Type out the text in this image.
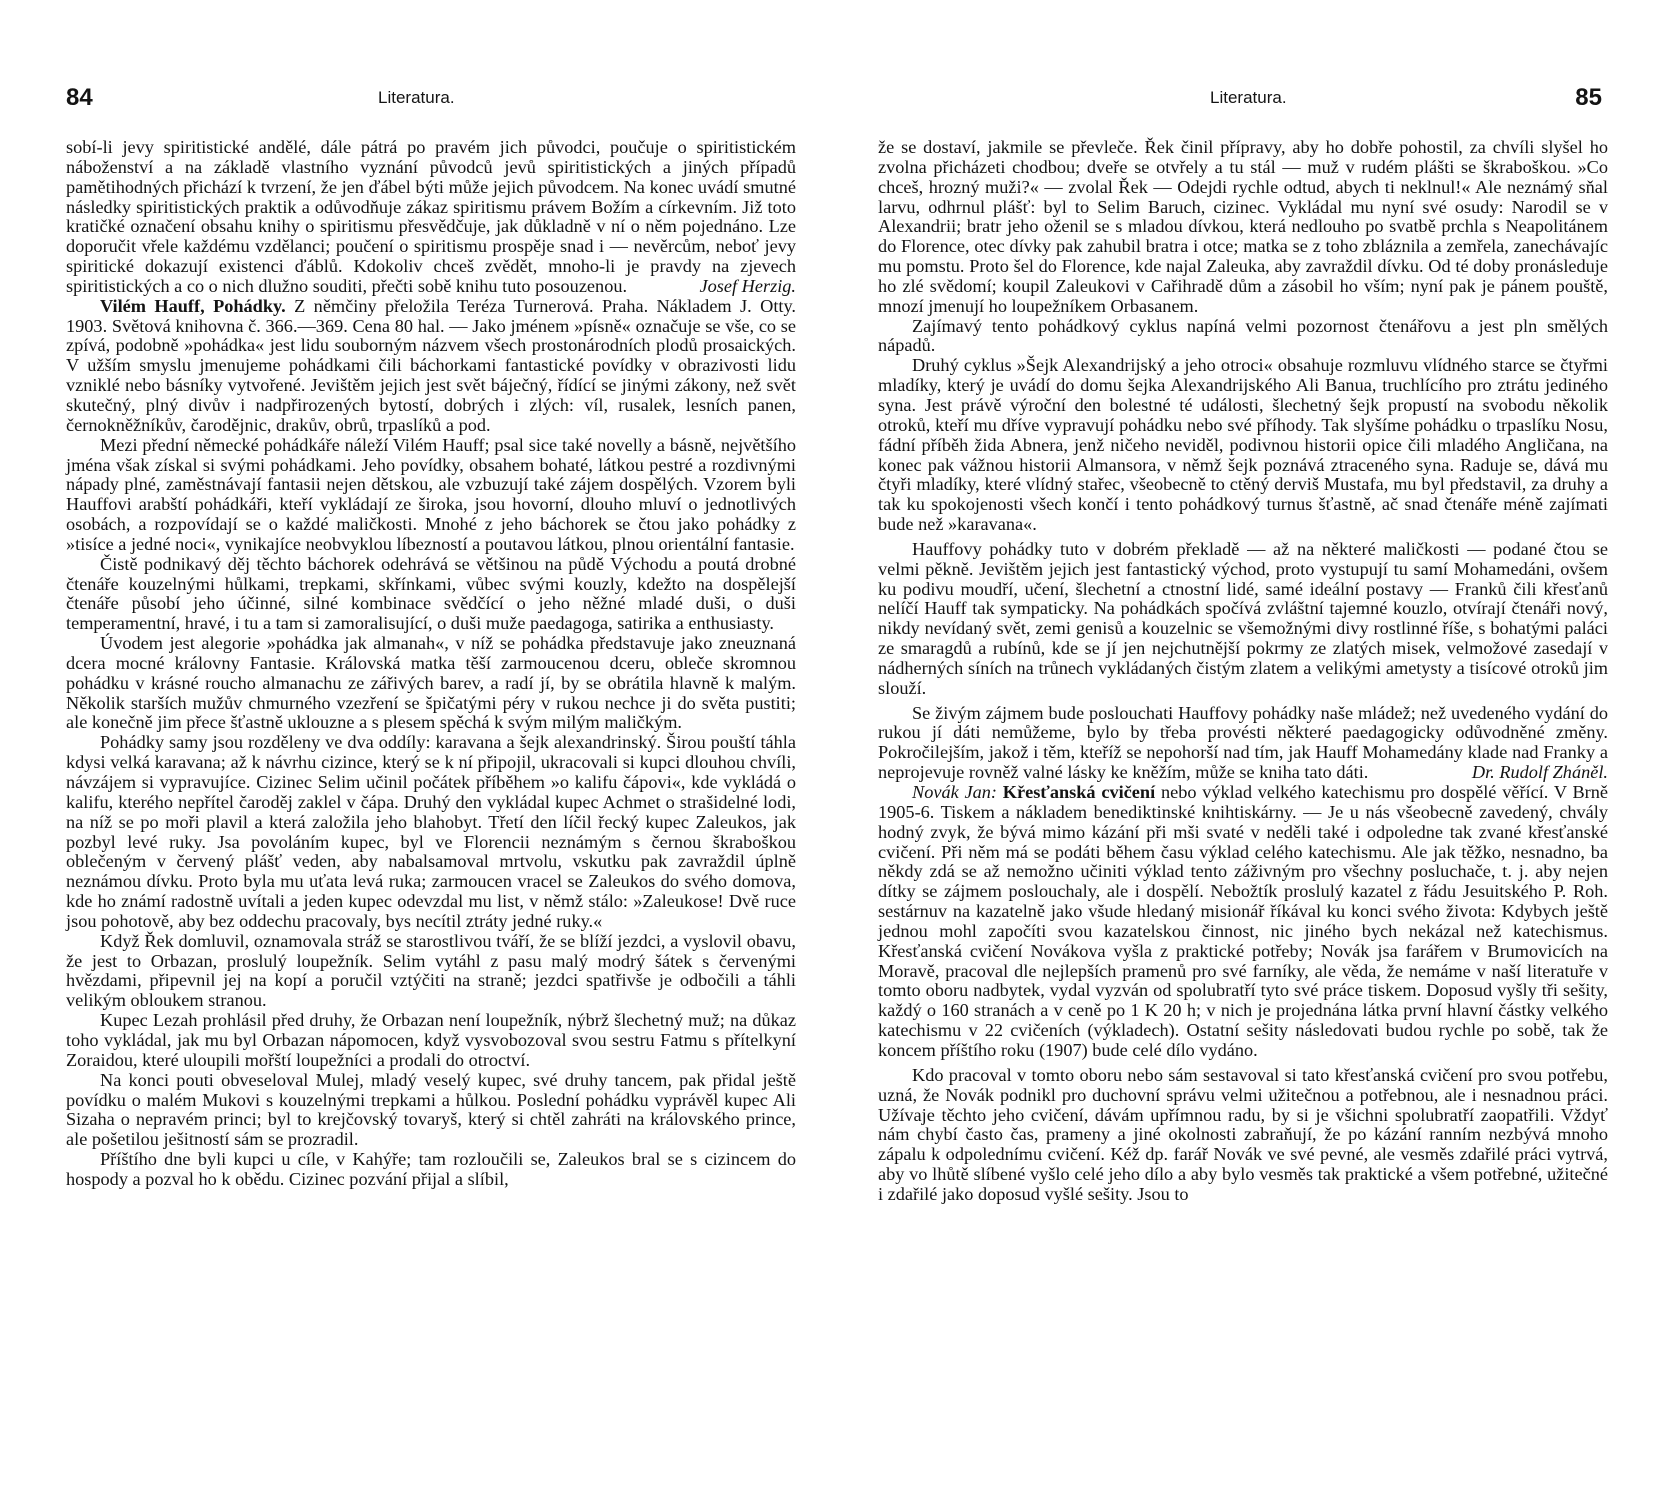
84	Literatura.

sobí-li jevy spiritistické andělé, dále pátrá po pravém jich původci, poučuje o spiritistickém náboženství a na základě vlastního vyznání původců jevů spiritistických a jiných případů pamětihodných přichází k tvrzení, že jen ďábel býti může jejich původcem. Na konec uvádí smutné následky spiritistických praktik a odůvodňuje zákaz spiritismu právem Božím a církevním. Již toto kratičké označení obsahu knihy o spiritismu přesvědčuje, jak důkladně v ní o něm pojednáno. Lze doporučit vřele každému vzdělanci; poučení o spiritismu prospěje snad i — nevěrcům, neboť jevy spiritické dokazují existenci ďáblů. Kdokoliv chceš zvědět, mnoho-li je pravdy na zjevech spiritistických a co o nich dlužno souditi, přečti sobě knihu tuto posouzenou.	Josef Herzig.

Vilém Hauff, Pohádky. Z němčiny přeložila Teréza Turnerová. Praha. Nákladem J. Otty. 1903. Světová knihovna č. 366.—369. Cena 80 hal. — Jako jménem »písně« označuje se vše, co se zpívá, podobně »pohádka« jest lidu souborným názvem všech prostonárodních plodů prosaických. V užším smyslu jmenujeme pohádkami čili báchorkami fantastické povídky v obrazivosti lidu vzniklé nebo básníky vytvořené. Jevištěm jejich jest svět báječný, řídící se jinými zákony, než svět skutečný, plný divův i nadpřirozených bytostí, dobrých i zlých: víl, rusalek, lesních panen, černokněžníkův, čarodějnic, drakův, obrů, trpaslíků a pod.

Mezi přední německé pohádkáře náleží Vilém Hauff; psal sice také novelly a básně, největšího jména však získal si svými pohádkami. Jeho povídky, obsahem bohaté, látkou pestré a rozdivnými nápady plné, zaměstnávají fantasii nejen dětskou, ale vzbuzují také zájem dospělých. Vzorem byli Hauffovi arabští pohádkáři, kteří vykládají ze široka, jsou hovorní, dlouho mluví o jednotlivých osobách, a rozpovídají se o každé maličkosti. Mnohé z jeho báchorek se čtou jako pohádky z »tisíce a jedné noci«, vynikajíce neobvyklou líbezností a poutavou látkou, plnou orientální fantasie.

Čistě podnikavý děj těchto báchorek odehrává se většinou na půdě Východu a poutá drobné čtenáře kouzelnými hůlkami, trepkami, skřínkami, vůbec svými kouzly, kdežto na dospělejší čtenáře působí jeho účinné, silné kombinace svědčící o jeho něžné mladé duši, o duši temperamentní, hravé, i tu a tam si zamoralisující, o duši muže paedagoga, satirika a enthusiasty.

Úvodem jest alegorie »pohádka jak almanah«, v níž se pohádka představuje jako zneuznaná dcera mocné královny Fantasie. Královská matka těší zarmoucenou dceru, obleče skromnou pohádku v krásné roucho almanachu ze zářivých barev, a radí jí, by se obrátila hlavně k malým. Několik starších mužův chmurného vzezření se špičatými péry v rukou nechce ji do světa pustiti; ale konečně jim přece šťastně uklouzne a s plesem spěchá k svým milým maličkým.

Pohádky samy jsou rozděleny ve dva oddíly: karavana a šejk alexandrinský. Širou pouští táhla kdysi velká karavana; až k návrhu cizince, který se k ní připojil, ukracovali si kupci dlouhou chvíli, návzájem si vypravujíce. Cizinec Selim učinil počátek příběhem »o kalifu čápovi«, kde vykládá o kalifu, kterého nepřítel čaroděj zaklel v čápa. Druhý den vykládal kupec Achmet o strašidelné lodi, na níž se po moři plavil a která založila jeho blahobyt. Třetí den líčil řecký kupec Zaleukos, jak pozbyl levé ruky. Jsa povoláním kupec, byl ve Florencii neznámým s černou škraboškou oblečeným v červený plášť veden, aby nabalsamoval mrtvolu, vskutku pak zavraždil úplně neznámou dívku. Proto byla mu uťata levá ruka; zarmoucen vracel se Zaleukos do svého domova, kde ho známí radostně uvítali a jeden kupec odevzdal mu list, v němž stálo: »Zaleukose! Dvě ruce jsou pohotově, aby bez oddechu pracovaly, bys necítil ztráty jedné ruky.«

Když Řek domluvil, oznamovala stráž se starostlivou tváří, že se blíží jezdci, a vyslovil obavu, že jest to Orbazan, proslulý loupežník. Selim vytáhl z pasu malý modrý šátek s červenými hvězdami, připevnil jej na kopí a poručil vztýčiti na straně; jezdci spatřivše je odbočili a táhli velikým obloukem stranou.

Kupec Lezah prohlásil před druhy, že Orbazan není loupežník, nýbrž šlechetný muž; na důkaz toho vykládal, jak mu byl Orbazan nápomocen, když vysvobozoval svou sestru Fatmu s přítelkyní Zoraidou, které uloupili mořští loupežníci a prodali do otroctví.

Na konci pouti obveseloval Mulej, mladý veselý kupec, své druhy tancem, pak přidal ještě povídku o malém Mukovi s kouzelnými trepkami a hůlkou. Poslední pohádku vyprávěl kupec Ali Sizaha o nepravém princi; byl to krejčovský tovaryš, který si chtěl zahráti na královského prince, ale pošetilou ješitností sám se prozradil.

Příštího dne byli kupci u cíle, v Kahýře; tam rozloučili se, Zaleukos bral se s cizincem do hospody a pozval ho k obědu. Cizinec pozvání přijal a slíbil,

Literatura.	85

že se dostaví, jakmile se převleče. Řek činil přípravy, aby ho dobře pohostil, za chvíli slyšel ho zvolna přicházeti chodbou; dveře se otvřely a tu stál — muž v rudém plášti se škraboškou. »Co chceš, hrozný muži?« — zvolal Řek — Odejdi rychle odtud, abych ti neklnul!« Ale neznámý sňal larvu, odhrnul plášť: byl to Selim Baruch, cizinec. Vykládal mu nyní své osudy: Narodil se v Alexandrii; bratr jeho oženil se s mladou dívkou, která nedlouho po svatbě prchla s Neapolitánem do Florence, otec dívky pak zahubil bratra i otce; matka se z toho zbláznila a zemřela, zanechávajíc mu pomstu. Proto šel do Florence, kde najal Zaleuka, aby zavraždil dívku. Od té doby pronásleduje ho zlé svědomí; koupil Zaleukovi v Cařihradě dům a zásobil ho vším; nyní pak je pánem pouště, mnozí jmenují ho loupežníkem Orbasanem.

Zajímavý tento pohádkový cyklus napíná velmi pozornost čtenářovu a jest pln smělých nápadů.

Druhý cyklus »Šejk Alexandrijský a jeho otroci« obsahuje rozmluvu vlídného starce se čtyřmi mladíky, který je uvádí do domu šejka Alexandrijského Ali Banua, truchlícího pro ztrátu jediného syna. Jest právě výroční den bolestné té události, šlechetný šejk propustí na svobodu několik otroků, kteří mu dříve vypravují pohádku nebo své příhody. Tak slyšíme pohádku o trpaslíku Nosu, fádní příběh žida Abnera, jenž ničeho neviděl, podivnou historii opice čili mladého Angličana, na konec pak vážnou historii Almansora, v němž šejk poznává ztraceného syna. Raduje se, dává mu čtyři mladíky, které vlídný stařec, všeobecně to ctěný derviš Mustafa, mu byl představil, za druhy a tak ku spokojenosti všech končí i tento pohádkový turnus šťastně, ač snad čtenáře méně zajímati bude než »karavana«.

Hauffovy pohádky tuto v dobrém překladě — až na některé maličkosti — podané čtou se velmi pěkně. Jevištěm jejich jest fantastický východ, proto vystupují tu samí Mohamedáni, ovšem ku podivu moudří, učení, šlechetní a ctnostní lidé, samé ideální postavy — Franků čili křesťanů nelíčí Hauff tak sympaticky. Na pohádkách spočívá zvláštní tajemné kouzlo, otvírají čtenáři nový, nikdy nevídaný svět, zemi genisů a kouzelnic se všemožnými divy rostlinné říše, s bohatými paláci ze smaragdů a rubínů, kde se jí jen nejchutnější pokrmy ze zlatých misek, velmožové zasedají v nádherných síních na trůnech vykládaných čistým zlatem a velikými ametysty a tisícové otroků jim slouží.

Se živým zájmem bude poslouchati Hauffovy pohádky naše mládež; než uvedeného vydání do rukou jí dáti nemůžeme, bylo by třeba provésti některé paedagogicky odůvodněné změny. Pokročilejším, jakož i těm, kteříž se nepohorší nad tím, jak Hauff Mohamedány klade nad Franky a neprojevuje rovněž valné lásky ke kněžím, může se kniha tato dáti.	Dr. Rudolf Zháněl.

Novák Jan: Křesťanská cvičení nebo výklad velkého katechismu pro dospělé věřící. V Brně 1905-6. Tiskem a nákladem benediktinské knihtiskárny. — Je u nás všeobecně zavedený, chvály hodný zvyk, že bývá mimo kázání při mši svaté v neděli také i odpoledne tak zvané křesťanské cvičení. Při něm má se podáti během času výklad celého katechismu. Ale jak těžko, nesnadno, ba někdy zdá se až nemožno učiniti výklad tento záživným pro všechny posluchače, t. j. aby nejen dítky se zájmem poslouchaly, ale i dospělí. Nebožtík proslulý kazatel z řádu Jesuitského P. Roh. sestárnuv na kazatelně jako všude hledaný misionář říkával ku konci svého života: Kdybych ještě jednou mohl započíti svou kazatelskou činnost, nic jiného bych nekázal než katechismus. Křesťanská cvičení Novákova vyšla z praktické potřeby; Novák jsa farářem v Brumovicích na Moravě, pracoval dle nejlepších pramenů pro své farníky, ale věda, že nemáme v naší literatuře v tomto oboru nadbytek, vydal vyzván od spolubratří tyto své práce tiskem. Doposud vyšly tři sešity, každý o 160 stranách a v ceně po 1 K 20 h; v nich je projednána látka první hlavní částky velkého katechismu v 22 cvičeních (výkladech). Ostatní sešity následovati budou rychle po sobě, tak že koncem příštího roku (1907) bude celé dílo vydáno.

Kdo pracoval v tomto oboru nebo sám sestavoval si tato křesťanská cvičení pro svou potřebu, uzná, že Novák podnikl pro duchovní správu velmi užitečnou a potřebnou, ale i nesnadnou práci. Užívaje těchto jeho cvičení, dávám upřímnou radu, by si je všichni spolubratří zaopatřili. Vždyť nám chybí často čas, prameny a jiné okolnosti zabraňují, že po kázání ranním nezbývá mnoho zápalu k odpolednímu cvičení. Kéž dp. farář Novák ve své pevné, ale vesměs zdařilé práci vytrvá, aby vo lhůtě slíbené vyšlo celé jeho dílo a aby bylo vesměs tak praktické a všem potřebné, užitečné i zdařilé jako doposud vyšlé sešity. Jsou to
